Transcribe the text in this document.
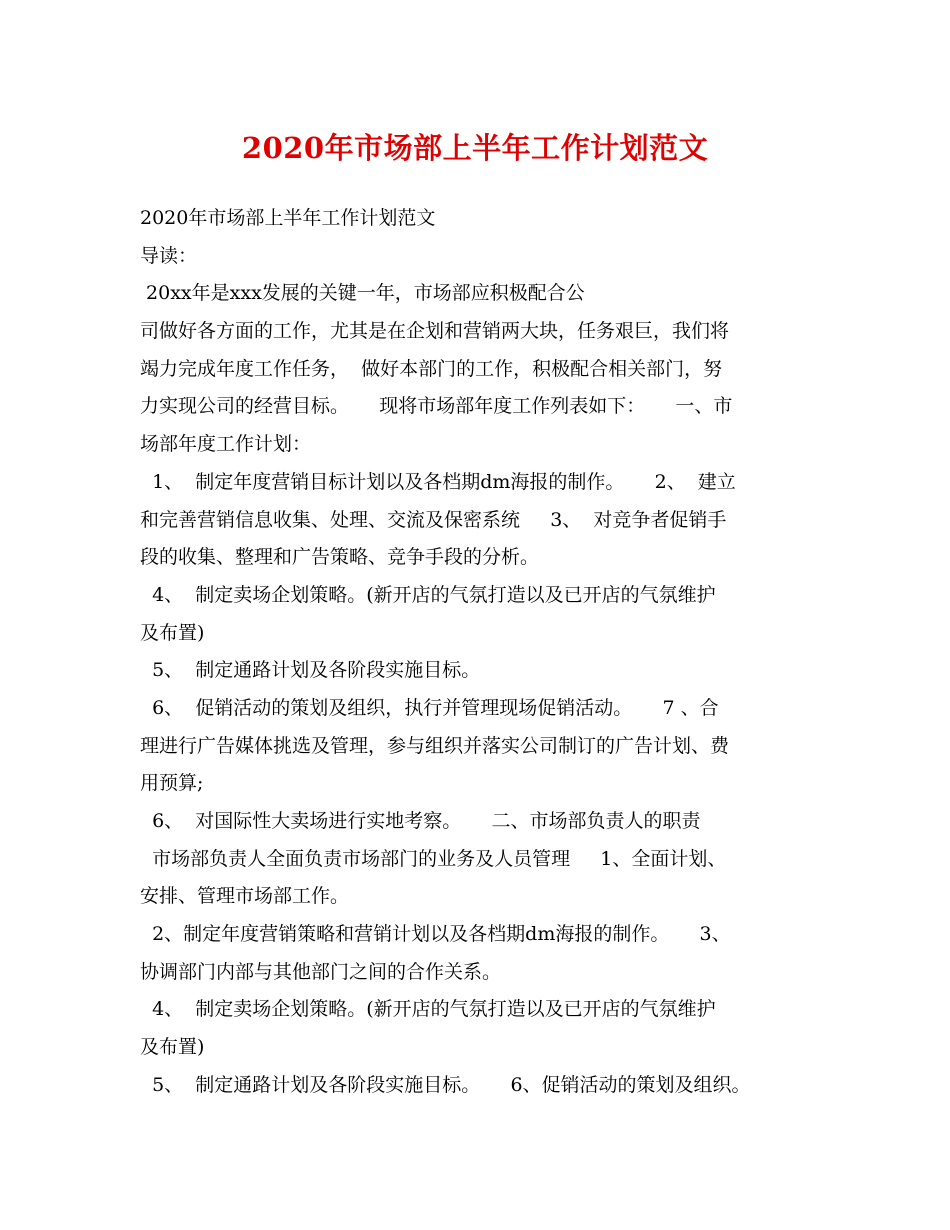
2020年市场部上半年工作计划范文
2020年市场部上半年工作计划范文
导读：
20xx年是xxx发展的关键一年，市场部应积极配合公
司做好各方面的工作，尤其是在企划和营销两大块，任务艰巨，我们将
竭力完成年度工作任务，  做好本部门的工作，积极配合相关部门，努
力实现公司的经营目标。     现将市场部年度工作列表如下：     一、市
场部年度工作计划：
1、  制定年度营销目标计划以及各档期dm海报的制作。     2、  建立
和完善营销信息收集、处理、交流及保密系统     3、  对竞争者促销手
段的收集、整理和广告策略、竞争手段的分析。
4、  制定卖场企划策略。(新开店的气氛打造以及已开店的气氛维护
及布置)
5、  制定通路计划及各阶段实施目标。
6、  促销活动的策划及组织，执行并管理现场促销活动。     7 、合
理进行广告媒体挑选及管理，参与组织并落实公司制订的广告计划、费
用预算;
6、  对国际性大卖场进行实地考察。     二、市场部负责人的职责
市场部负责人全面负责市场部门的业务及人员管理     1、全面计划、
安排、管理市场部工作。
2、制定年度营销策略和营销计划以及各档期dm海报的制作。     3、
协调部门内部与其他部门之间的合作关系。
4、  制定卖场企划策略。(新开店的气氛打造以及已开店的气氛维护
及布置)
5、  制定通路计划及各阶段实施目标。     6、促销活动的策划及组织。
